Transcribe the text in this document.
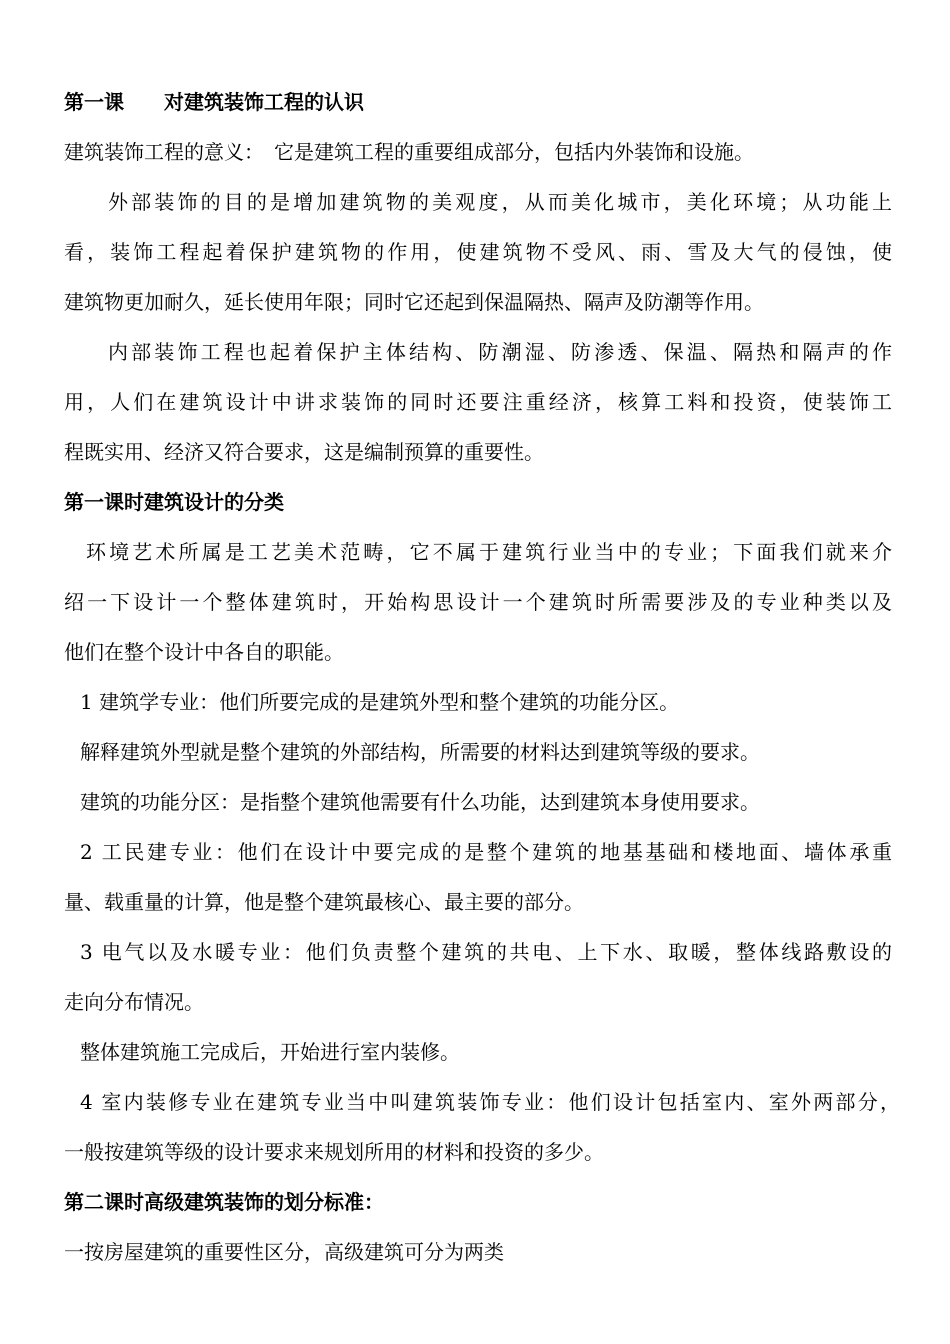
第一课　　对建筑装饰工程的认识
建筑装饰工程的意义：　它是建筑工程的重要组成部分，包括内外装饰和设施。
外部装饰的目的是增加建筑物的美观度，从而美化城市，美化环境；从功能上
看，装饰工程起着保护建筑物的作用，使建筑物不受风、雨、雪及大气的侵蚀，使
建筑物更加耐久，延长使用年限；同时它还起到保温隔热、隔声及防潮等作用。
内部装饰工程也起着保护主体结构、防潮湿、防渗透、保温、隔热和隔声的作
用，人们在建筑设计中讲求装饰的同时还要注重经济，核算工料和投资，使装饰工
程既实用、经济又符合要求，这是编制预算的重要性。
第一课时建筑设计的分类
环境艺术所属是工艺美术范畴，它不属于建筑行业当中的专业；下面我们就来介
绍一下设计一个整体建筑时，开始构思设计一个建筑时所需要涉及的专业种类以及
他们在整个设计中各自的职能。
1 建筑学专业：他们所要完成的是建筑外型和整个建筑的功能分区。
解释建筑外型就是整个建筑的外部结构，所需要的材料达到建筑等级的要求。
建筑的功能分区：是指整个建筑他需要有什么功能，达到建筑本身使用要求。
2 工民建专业：他们在设计中要完成的是整个建筑的地基基础和楼地面、墙体承重
量、载重量的计算，他是整个建筑最核心、最主要的部分。
3 电气以及水暖专业：他们负责整个建筑的共电、上下水、取暖，整体线路敷设的
走向分布情况。
整体建筑施工完成后，开始进行室内装修。
4 室内装修专业在建筑专业当中叫建筑装饰专业：他们设计包括室内、室外两部分，
一般按建筑等级的设计要求来规划所用的材料和投资的多少。
第二课时高级建筑装饰的划分标准：
一按房屋建筑的重要性区分，高级建筑可分为两类
